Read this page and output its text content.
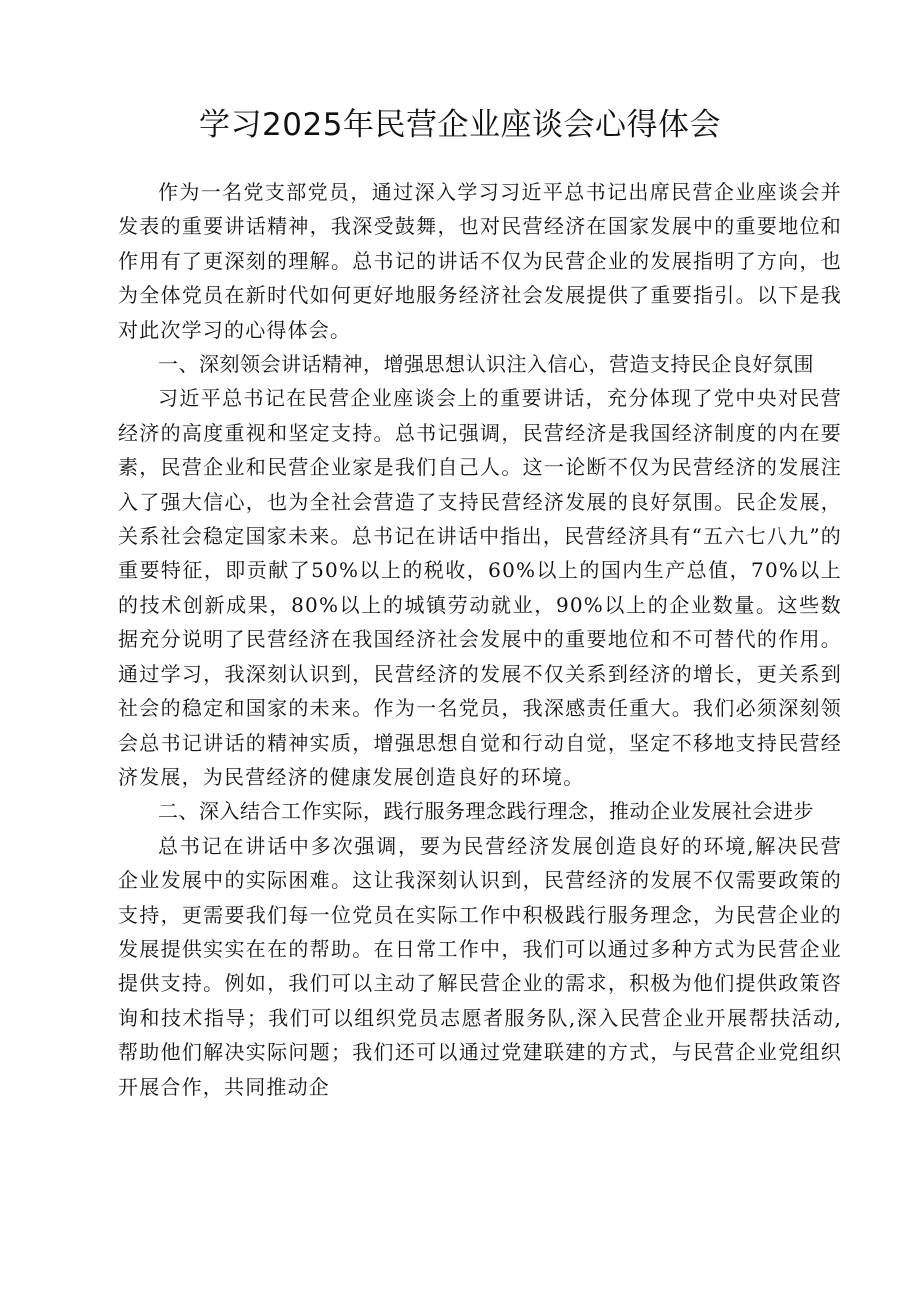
学习2025年民营企业座谈会心得体会

作为一名党支部党员，通过深入学习习近平总书记出席民营企业座谈会并发表的重要讲话精神，我深受鼓舞，也对民营经济在国家发展中的重要地位和作用有了更深刻的理解。总书记的讲话不仅为民营企业的发展指明了方向，也为全体党员在新时代如何更好地服务经济社会发展提供了重要指引。以下是我对此次学习的心得体会。

一、深刻领会讲话精神，增强思想认识注入信心，营造支持民企良好氛围

习近平总书记在民营企业座谈会上的重要讲话，充分体现了党中央对民营经济的高度重视和坚定支持。总书记强调，民营经济是我国经济制度的内在要素，民营企业和民营企业家是我们自己人。这一论断不仅为民营经济的发展注入了强大信心，也为全社会营造了支持民营经济发展的良好氛围。民企发展，关系社会稳定国家未来。总书记在讲话中指出，民营经济具有“五六七八九”的重要特征，即贡献了50%以上的税收，60%以上的国内生产总值，70%以上的技术创新成果，80%以上的城镇劳动就业，90%以上的企业数量。这些数据充分说明了民营经济在我国经济社会发展中的重要地位和不可替代的作用。通过学习，我深刻认识到，民营经济的发展不仅关系到经济的增长，更关系到社会的稳定和国家的未来。作为一名党员，我深感责任重大。我们必须深刻领会总书记讲话的精神实质，增强思想自觉和行动自觉，坚定不移地支持民营经济发展，为民营经济的健康发展创造良好的环境。

二、深入结合工作实际，践行服务理念践行理念，推动企业发展社会进步

总书记在讲话中多次强调，要为民营经济发展创造良好的环境,解决民营企业发展中的实际困难。这让我深刻认识到，民营经济的发展不仅需要政策的支持，更需要我们每一位党员在实际工作中积极践行服务理念，为民营企业的发展提供实实在在的帮助。在日常工作中，我们可以通过多种方式为民营企业提供支持。例如，我们可以主动了解民营企业的需求，积极为他们提供政策咨询和技术指导；我们可以组织党员志愿者服务队,深入民营企业开展帮扶活动,帮助他们解决实际问题；我们还可以通过党建联建的方式，与民营企业党组织开展合作，共同推动企
